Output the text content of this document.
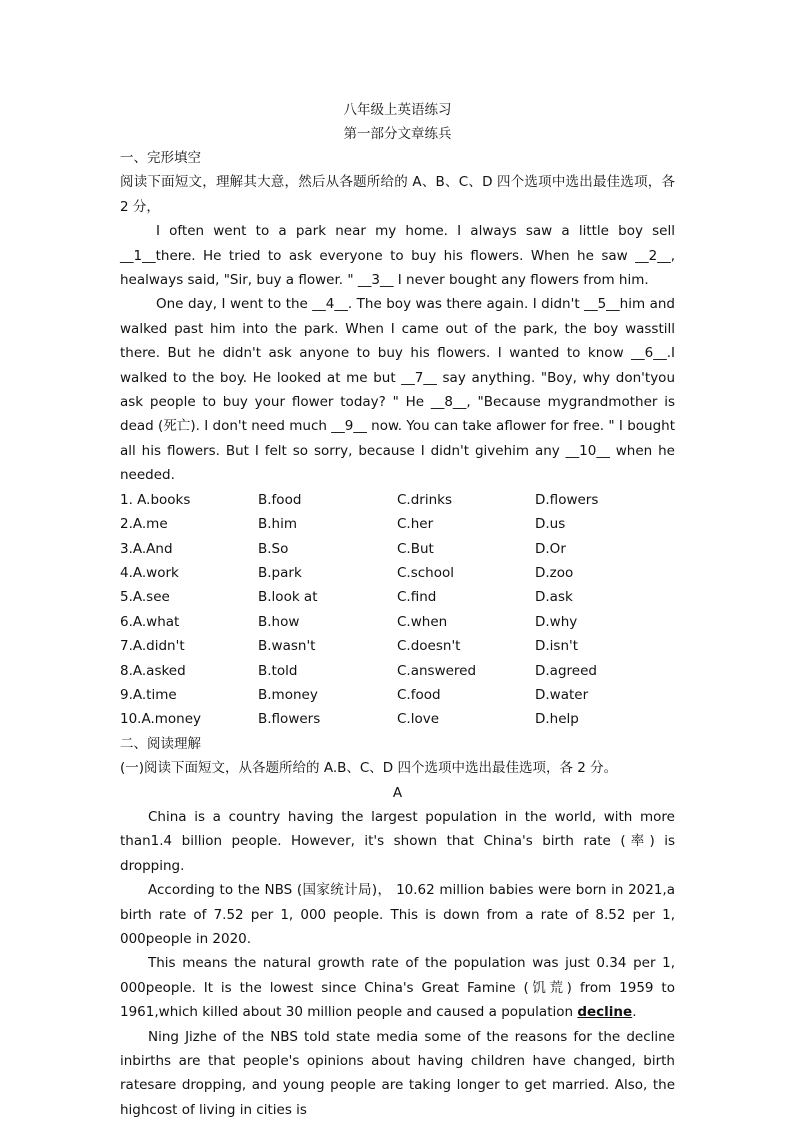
八年级上英语练习
第一部分文章练兵
一、完形填空
阅读下面短文，理解其大意，然后从各题所给的 A、B、C、D 四个选项中选出最佳选项，各 2 分，
I often went to a park near my home. I always saw a little boy sell __1__there. He tried to ask everyone to buy his flowers. When he saw __2__, healways said, "Sir, buy a flower. " __3__ I never bought any flowers from him.
One day, I went to the __4__. The boy was there again. I didn't __5__him and walked past him into the park. When I came out of the park, the boy wasstill there. But he didn't ask anyone to buy his flowers. I wanted to know __6__.I walked to the boy. He looked at me but __7__ say anything. "Boy, why don'tyou ask people to buy your flower today? " He __8__, "Because mygrandmother is dead (死亡). I don't need much __9__ now. You can take aflower for free. " I bought all his flowers. But I felt so sorry, because I didn't givehim any __10__ when he needed.
1. A.books	B.food	C.drinks	D.flowers
2.A.me	B.him	C.her	D.us
3.A.And	B.So	C.But	D.Or
4.A.work	B.park	C.school	D.zoo
5.A.see	B.look at	C.find	D.ask
6.A.what	B.how	C.when	D.why
7.A.didn't	B.wasn't	C.doesn't	D.isn't
8.A.asked	B.told	C.answered	D.agreed
9.A.time	B.money	C.food	D.water
10.A.money	B.flowers	C.love	D.help
二、阅读理解
(一)阅读下面短文，从各题所给的 A.B、C、D 四个选项中选出最佳选项，各 2 分。
A
China is a country having the largest population in the world, with more than1.4 billion people. However, it's shown that China's birth rate (率) is dropping.
According to the NBS (国家统计局)， 10.62 million babies were born in 2021,a birth rate of 7.52 per 1, 000 people. This is down from a rate of 8.52 per 1, 000people in 2020.
This means the natural growth rate of the population was just 0.34 per 1, 000people. It is the lowest since China's Great Famine (饥荒) from 1959 to 1961,which killed about 30 million people and caused a population decline.
Ning Jizhe of the NBS told state media some of the reasons for the decline inbirths are that people's opinions about having children have changed, birth ratesare dropping, and young people are taking longer to get married. Also, the highcost of living in cities is
